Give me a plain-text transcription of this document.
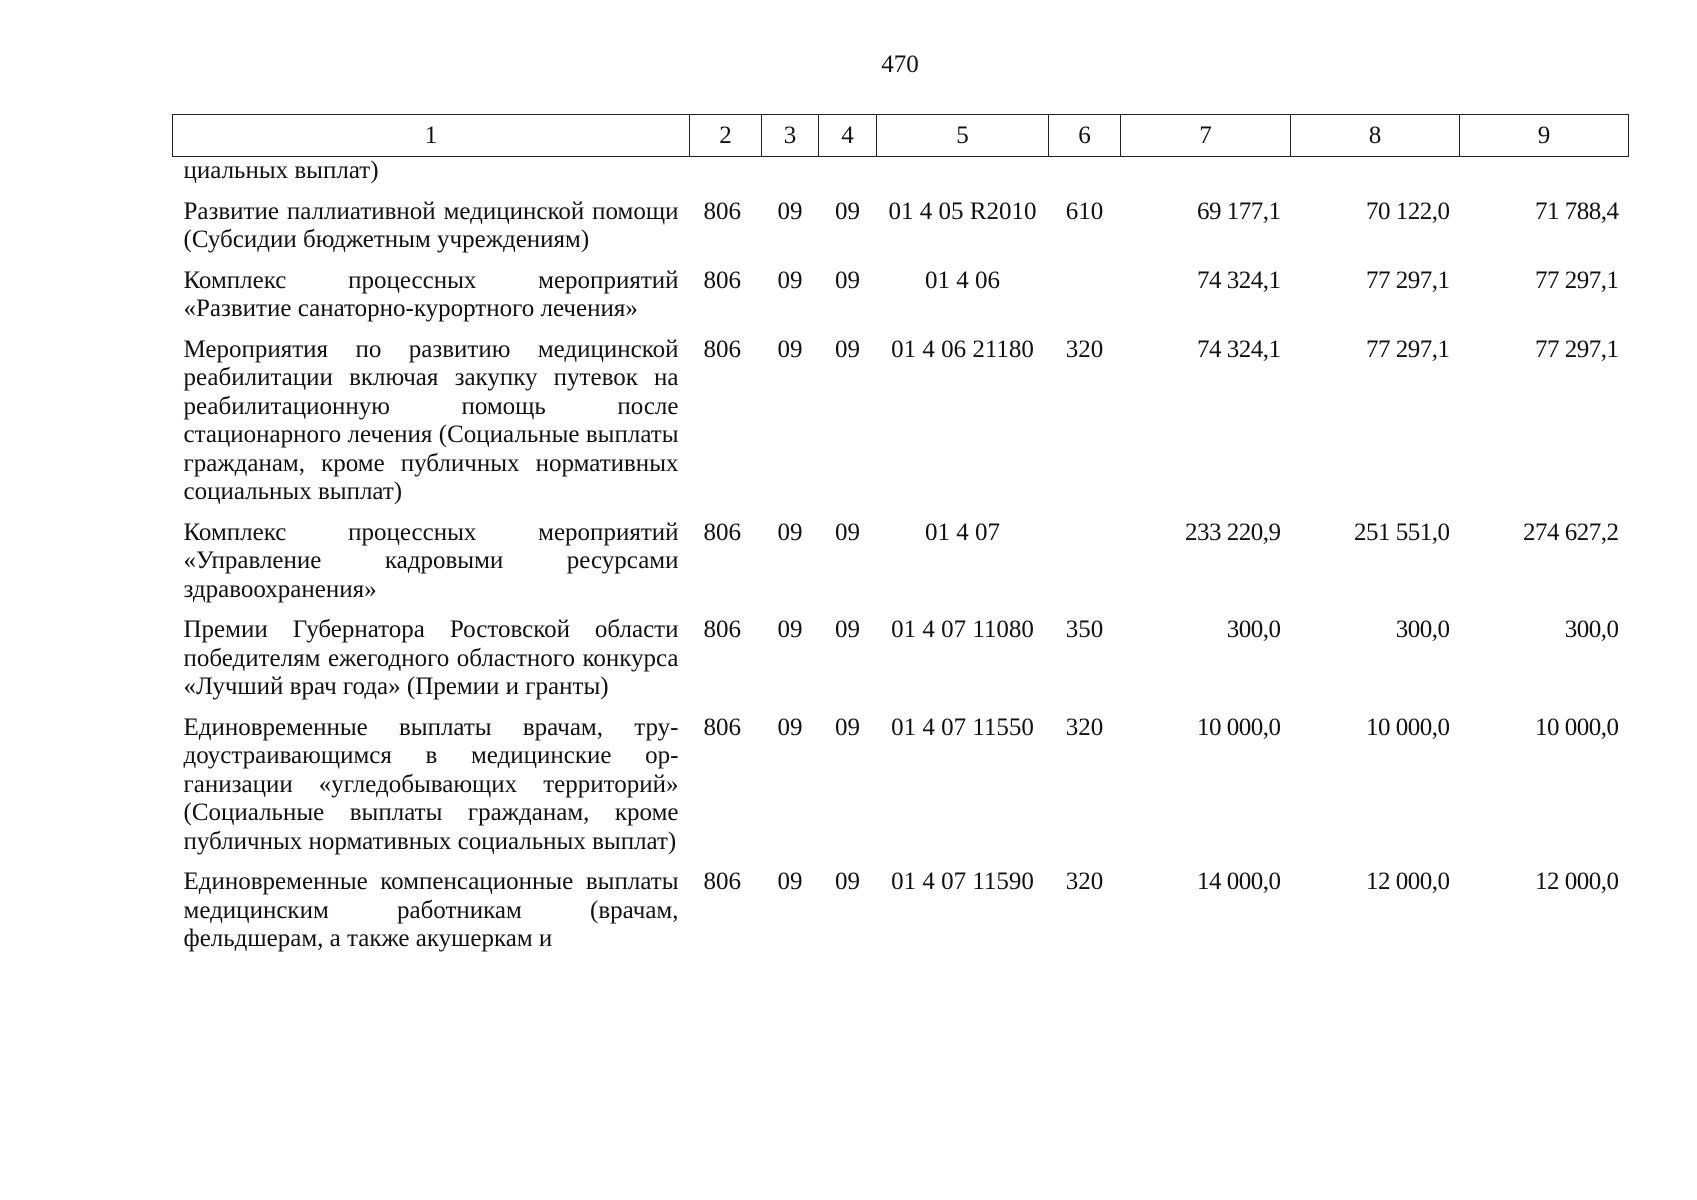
470
1	2	3	4	5	6	7	8	9
циальных выплат)								
Развитие паллиативной медицинской помощи (Субсидии бюджетным учреждениям)	806	09	09	01 4 05 R2010	610	69 177,1	70 122,0	71 788,4
Комплекс процессных мероприятий «Развитие санаторно-курортного лечения»	806	09	09	01 4 06		74 324,1	77 297,1	77 297,1
Мероприятия по развитию медицинской реабилитации включая закупку путевок на реабилитационную помощь после стационарного лечения (Социальные выплаты гражданам, кроме публичных нормативных социальных выплат)	806	09	09	01 4 06 21180	320	74 324,1	77 297,1	77 297,1
Комплекс процессных мероприятий «Управление кадровыми ресурсами здравоохранения»	806	09	09	01 4 07		233 220,9	251 551,0	274 627,2
Премии Губернатора Ростовской области победителям ежегодного областного конкурса «Лучший врач года» (Премии и гранты)	806	09	09	01 4 07 11080	350	300,0	300,0	300,0
Единовременные выплаты врачам, трудоустраивающимся в медицинские организации «угледобывающих территорий» (Социальные выплаты гражданам, кроме публичных нормативных социальных выплат)	806	09	09	01 4 07 11550	320	10 000,0	10 000,0	10 000,0
Единовременные компенсационные выплаты медицинским работникам (врачам, фельдшерам, а также акушеркам и	806	09	09	01 4 07 11590	320	14 000,0	12 000,0	12 000,0
